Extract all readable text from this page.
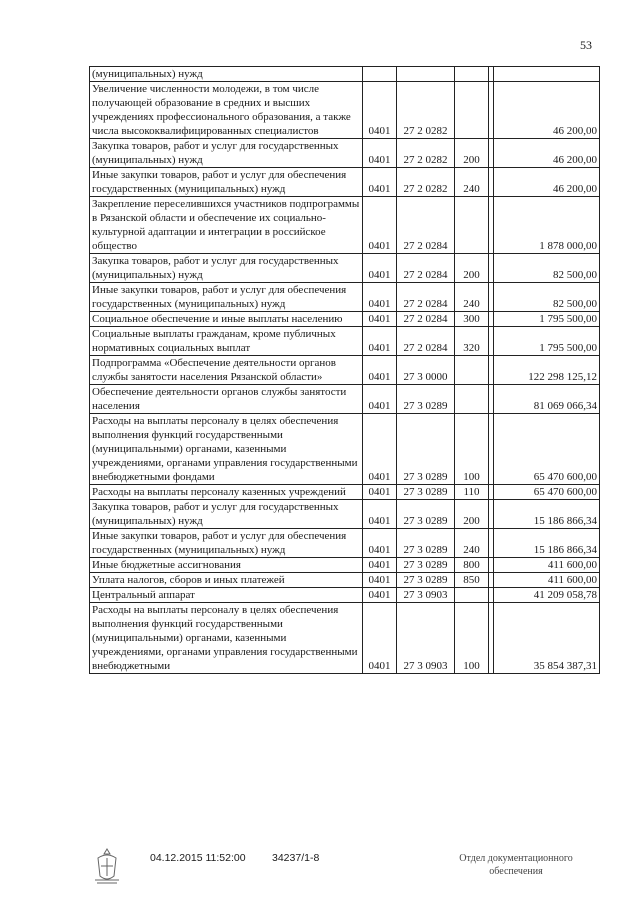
53
(муниципальных) нужд					
Увеличение численности молодежи, в том числе получающей образование в средних и высших учреждениях профессионального образования, а также числа высококвалифицированных специалистов	0401	27 2 0282			46 200,00
Закупка товаров, работ и услуг для государственных (муниципальных) нужд	0401	27 2 0282	200		46 200,00
Иные закупки товаров, работ и услуг для обеспечения государственных (муниципальных) нужд	0401	27 2 0282	240		46 200,00
Закрепление переселившихся участников подпрограммы в Рязанской области и обеспечение их социально-культурной адаптации и интеграции в российское общество	0401	27 2 0284			1 878 000,00
Закупка товаров, работ и услуг для государственных (муниципальных) нужд	0401	27 2 0284	200		82 500,00
Иные закупки товаров, работ и услуг для обеспечения государственных (муниципальных) нужд	0401	27 2 0284	240		82 500,00
Социальное обеспечение и иные выплаты населению	0401	27 2 0284	300		1 795 500,00
Социальные выплаты гражданам, кроме публичных нормативных социальных выплат	0401	27 2 0284	320		1 795 500,00
Подпрограмма «Обеспечение деятельности органов службы занятости населения Рязанской области»	0401	27 3 0000			122 298 125,12
Обеспечение деятельности органов службы занятости населения	0401	27 3 0289			81 069 066,34
Расходы на выплаты персоналу в целях обеспечения выполнения функций государственными (муниципальными) органами, казенными учреждениями, органами управления государственными внебюджетными фондами	0401	27 3 0289	100		65 470 600,00
Расходы на выплаты персоналу казенных учреждений	0401	27 3 0289	110		65 470 600,00
Закупка товаров, работ и услуг для государственных (муниципальных) нужд	0401	27 3 0289	200		15 186 866,34
Иные закупки товаров, работ и услуг для обеспечения государственных (муниципальных) нужд	0401	27 3 0289	240		15 186 866,34
Иные бюджетные ассигнования	0401	27 3 0289	800		411 600,00
Уплата налогов, сборов и иных платежей	0401	27 3 0289	850		411 600,00
Центральный аппарат	0401	27 3 0903			41 209 058,78
Расходы на выплаты персоналу в целях обеспечения выполнения функций государственными (муниципальными) органами, казенными учреждениями, органами управления государственными внебюджетными	0401	27 3 0903	100		35 854 387,31
04.12.2015 11:52:00	34237/1-8	Отдел документационного обеспечения
